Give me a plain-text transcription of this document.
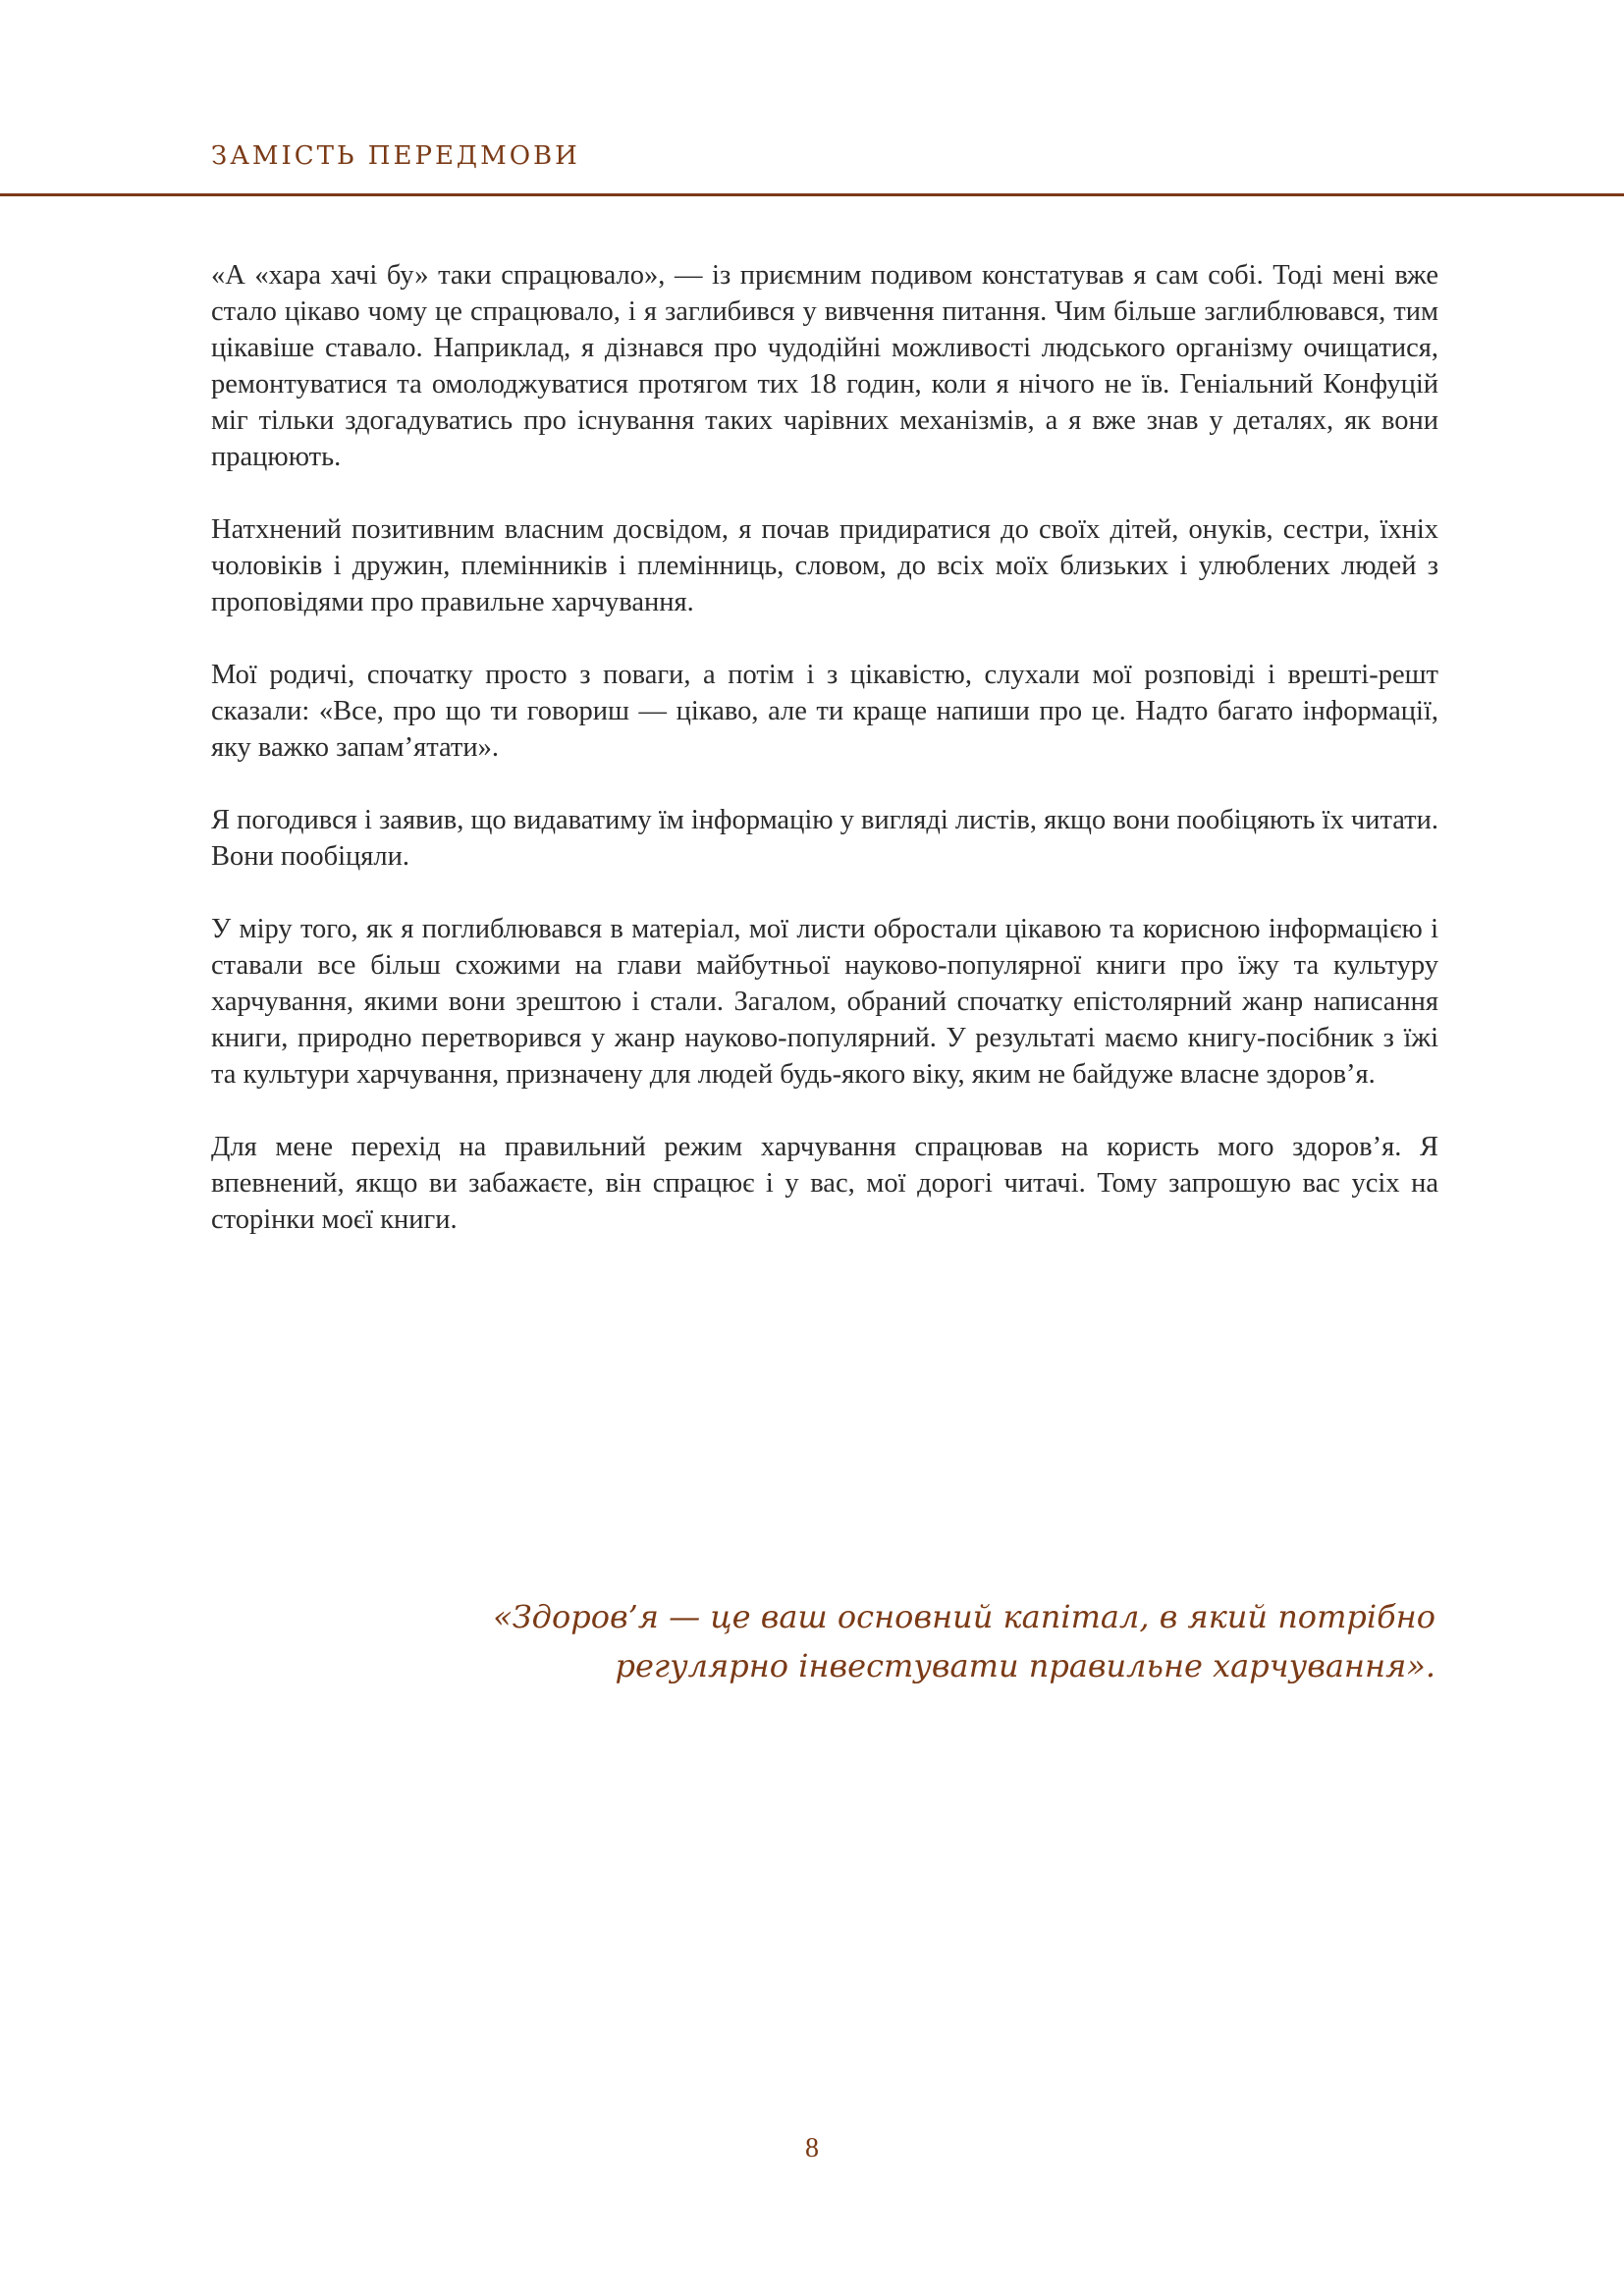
ЗАМІСТЬ ПЕРЕДМОВИ

«А «хара хачі бу» таки спрацювало», — із приємним подивом констатував я сам собі. Тоді мені вже стало цікаво чому це спрацювало, і я заглибився у вивчення питання. Чим більше заглиблювався, тим цікавіше ставало. Наприклад, я дізнався про чудодійні можливості людського організму очищатися, ремонтуватися та омолоджуватися протягом тих 18 годин, коли я нічого не їв. Геніальний Конфуцій міг тільки здогадуватись про існування таких чарівних механізмів, а я вже знав у деталях, як вони працюють.

Натхнений позитивним власним досвідом, я почав придиратися до своїх дітей, онуків, сестри, їхніх чоловіків і дружин, племінників і племінниць, словом, до всіх моїх близьких і улюблених людей з проповідями про правильне харчування.

Мої родичі, спочатку просто з поваги, а потім і з цікавістю, слухали мої розповіді і врешті-решт сказали: «Все, про що ти говориш — цікаво, але ти краще напиши про це. Надто багато інформації, яку важко запам’ятати».

Я погодився і заявив, що видаватиму їм інформацію у вигляді листів, якщо вони пообіцяють їх читати. Вони пообіцяли.

У міру того, як я поглиблювався в матеріал, мої листи обростали цікавою та корисною інформацією і ставали все більш схожими на глави майбутньої науково-популярної книги про їжу та культуру харчування, якими вони зрештою і стали. Загалом, обраний спочатку епістолярний жанр написання книги, природно перетворився у жанр науково-популярний. У результаті маємо книгу-посібник з їжі та культури харчування, призначену для людей будь-якого віку, яким не байдуже власне здоров’я.

Для мене перехід на правильний режим харчування спрацював на користь мого здоров’я. Я впевнений, якщо ви забажаєте, він спрацює і у вас, мої дорогі читачі. Тому запрошую вас усіх на сторінки моєї книги.

«Здоров’я — це ваш основний капітал, в який потрібно
регулярно інвестувати правильне харчування».
8
